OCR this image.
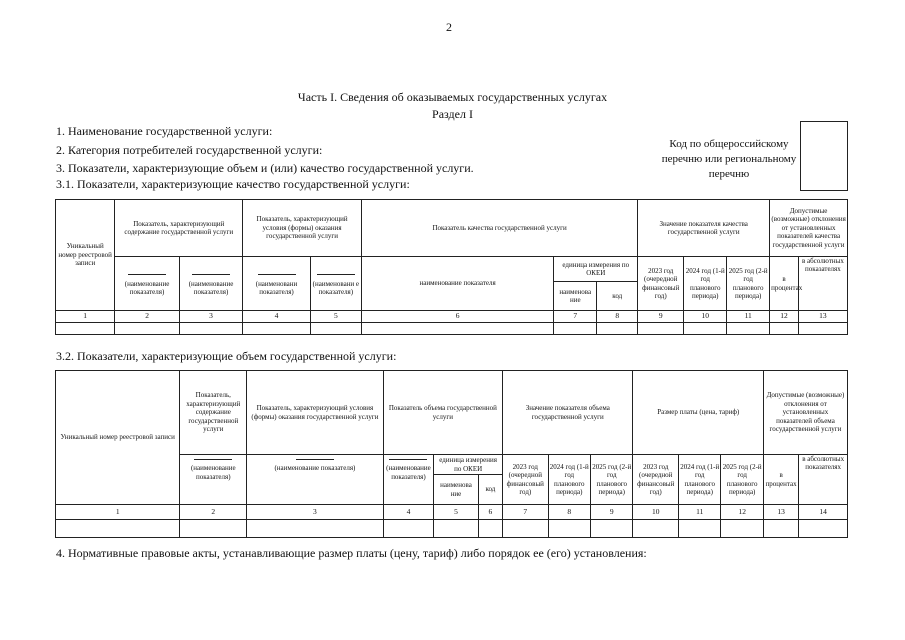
2
Часть I. Сведения об оказываемых государственных услугах
Раздел I
1. Наименование государственной услуги:
2. Категория потребителей государственной услуги:
3. Показатели, характеризующие объем и (или) качество государственной услуги.
3.1. Показатели, характеризующие качество государственной услуги:
Код по общероссийскому перечню или региональному перечню
Уникальный номер реестровой записи	Показатель, характеризующий содержание государственной услуги		Показатель, характеризующий условия (формы) оказания государственной услуги		Показатель качества государственной услуги			Значение показателя качества государственной услуги			Допустимые (возможные) отклонения от установленных показателей качества государственной услуги	

	(наименование показателя)	(наименование показателя)	(наименовани показателя)	(наименовани е показателя)	наименование показателя	единица измерения по ОКЕИ		2023 год (очередной финансовый год)	2024 год (1-й год планового периода)	2025 год (2-й год планового периода)	в процентах	в абсолютных показателях
						наименова ние	код					
1	2	3	4	5	6	7	8	9	10	11	12	13

3.2. Показатели, характеризующие объем государственной услуги:
Уникальный номер реестровой записи	Показатель, характеризующий содержание государственной услуги	Показатель, характеризующий условия (формы) оказания государственной услуги	Показатель объема государственной услуги			Значение показателя объема государственной услуги			Размер платы (цена, тариф)			Допустимые (возможные) отклонения от установленных показателей объема государственной услуги	

	(наименование показателя)	(наименование показателя)	(наименование показателя)	единица измерения по ОКЕИ		2023 год (очередной финансовый год)	2024 год (1-й год планового периода)	2025 год (2-й год планового периода)	2023 год (очередной финансовый год)	2024 год (1-й год планового периода)	2025 год (2-й год планового периода)	в процентах	в абсолютных показателях
				наименова ние	код								
1	2	3	4	5	6	7	8	9	10	11	12	13	14

4. Нормативные правовые акты, устанавливающие размер платы (цену, тариф) либо порядок ее (его) установления:
